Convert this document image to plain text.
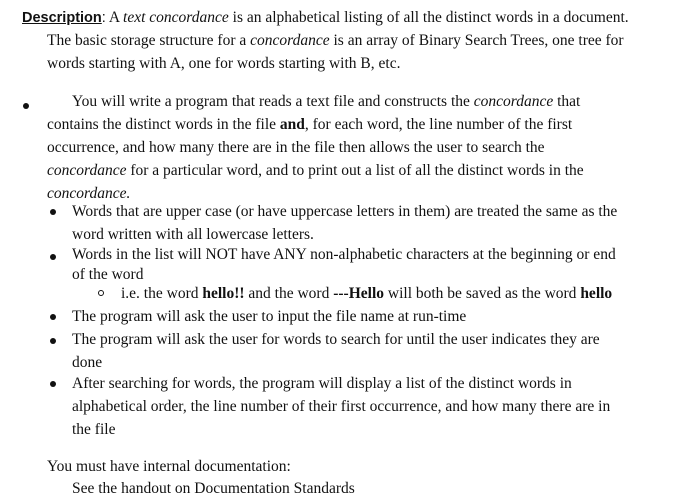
Description: A text concordance is an alphabetical listing of all the distinct words in a document.
The basic storage structure for a concordance is an array of Binary Search Trees, one tree for
words starting with A, one for words starting with B, etc.
You will write a program that reads a text file and constructs the concordance that
contains the distinct words in the file and, for each word, the line number of the first
occurrence, and how many there are in the file then allows the user to search the
concordance for a particular word, and to print out a list of all the distinct words in the
concordance.
Words that are upper case (or have uppercase letters in them) are treated the same as the
word written with all lowercase letters.
Words in the list will NOT have ANY non-alphabetic characters at the beginning or end
of the word
i.e. the word hello!! and the word ---Hello will both be saved as the word hello
The program will ask the user to input the file name at run-time
The program will ask the user for words to search for until the user indicates they are
done
After searching for words, the program will display a list of the distinct words in
alphabetical order, the line number of their first occurrence, and how many there are in
the file
You must have internal documentation:
See the handout on Documentation Standards
